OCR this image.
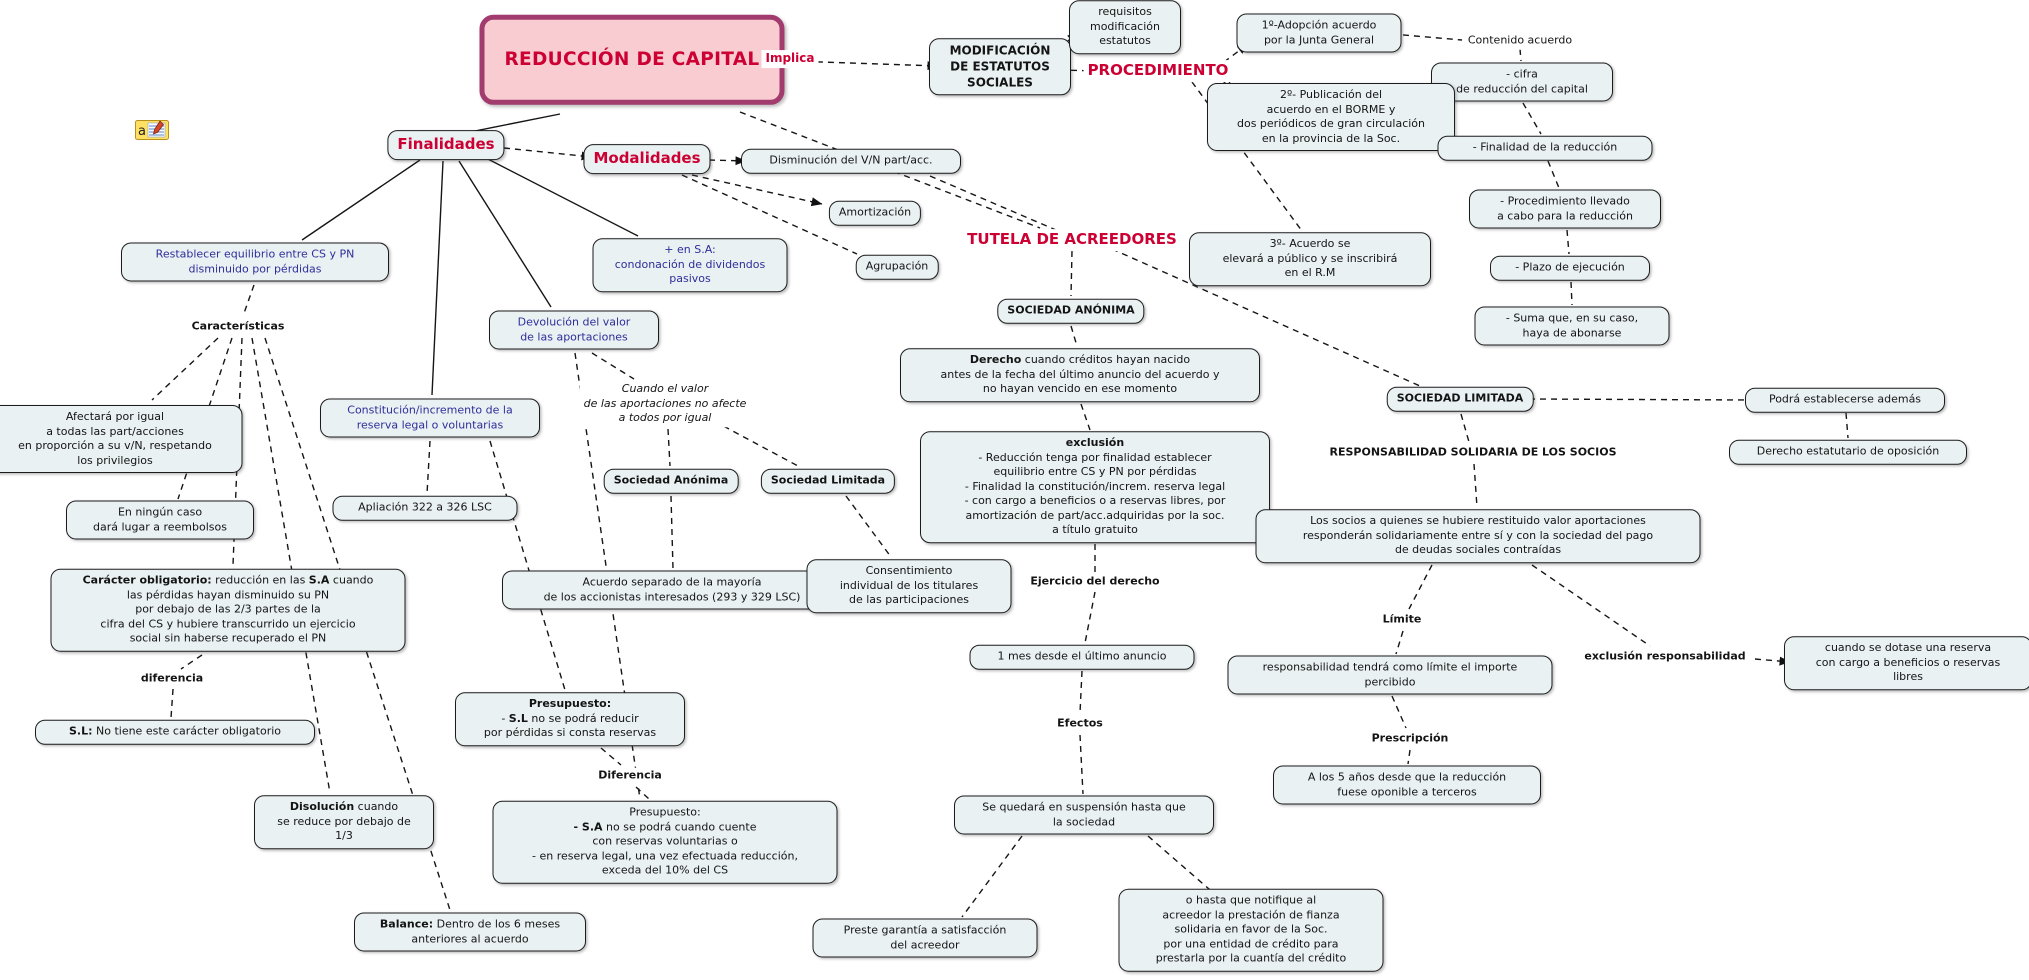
a
REDUCCIÓN DE CAPITAL Implica
MODIFICACIÓN
DE ESTATUTOS
SOCIALES
requisitos
modificación
estatutos
PROCEDIMIENTO
1º-Adopción acuerdo
por la Junta General	Contenido acuerdo
- cifra
de reducción del capital
2º- Publicación del
acuerdo en el BORME y
dos periódicos de gran circulación
en la provincia de la Soc.
- Finalidad de la reducción
- Procedimiento llevado
a cabo para la reducción
- Plazo de ejecución
- Suma que, en su caso,
haya de abonarse
3º- Acuerdo se
elevará a público y se inscribirá
en el R.M
Finalidades
Modalidades	Disminución del V/N part/acc.
Amortización
Agrupación
TUTELA DE ACREEDORES
Restablecer equilibrio entre CS y PN
disminuido por pérdidas
Características
+ en S.A:
condonación de dividendos
pasivos
Devolución del valor
de las aportaciones
Constitución/incremento de la
reserva legal o voluntarias
Apliación 322 a 326 LSC
Afectará por igual
a todas las part/acciones
en proporción a su v/N, respetando
los privilegios
En ningún caso
dará lugar a reembolsos
Carácter obligatorio: reducción en las S.A cuando
las pérdidas hayan disminuido su PN
por debajo de las 2/3 partes de la
cifra del CS y hubiere transcurrido un ejercicio
social sin haberse recuperado el PN
diferencia
S.L: No tiene este carácter obligatorio
Disolución cuando
se reduce por debajo de
1/3
Balance: Dentro de los 6 meses
anteriores al acuerdo
Cuando el valor
de las aportaciones no afecte
a todos por igual
Sociedad Anónima	Sociedad Limitada
Acuerdo separado de la mayoría
de los accionistas interesados (293 y 329 LSC)
Consentimiento
individual de los titulares
de las participaciones
Presupuesto:
- S.L no se podrá reducir
por pérdidas si consta reservas
Diferencia
Presupuesto:
- S.A no se podrá cuando cuente
con reservas voluntarias o
- en reserva legal, una vez efectuada reducción,
exceda del 10% del CS
SOCIEDAD ANÓNIMA
Derecho cuando créditos hayan nacido
antes de la fecha del último anuncio del acuerdo y
no hayan vencido en ese momento
exclusión
- Reducción tenga por finalidad establecer
equilibrio entre CS y PN por pérdidas
- Finalidad la constitución/increm. reserva legal
- con cargo a beneficios o a reservas libres, por
amortización de part/acc.adquiridas por la soc.
a título gratuito
Ejercicio del derecho
1 mes desde el último anuncio
Efectos
Se quedará en suspensión hasta que
la sociedad
Preste garantía a satisfacción
del acreedor
o hasta que notifique al
acreedor la prestación de fianza
solidaria en favor de la Soc.
por una entidad de crédito para
prestarla por la cuantía del crédito
SOCIEDAD LIMITADA	Podrá establecerse además
Derecho estatutario de oposición
RESPONSABILIDAD SOLIDARIA DE LOS SOCIOS
Los socios a quienes se hubiere restituido valor aportaciones
responderán solidariamente entre sí y con la sociedad del pago
de deudas sociales contraídas
Límite
responsabilidad tendrá como límite el importe
percibido
Prescripción
A los 5 años desde que la reducción
fuese oponible a terceros
exclusión responsabilidad
cuando se dotase una reserva
con cargo a beneficios o reservas
libres
